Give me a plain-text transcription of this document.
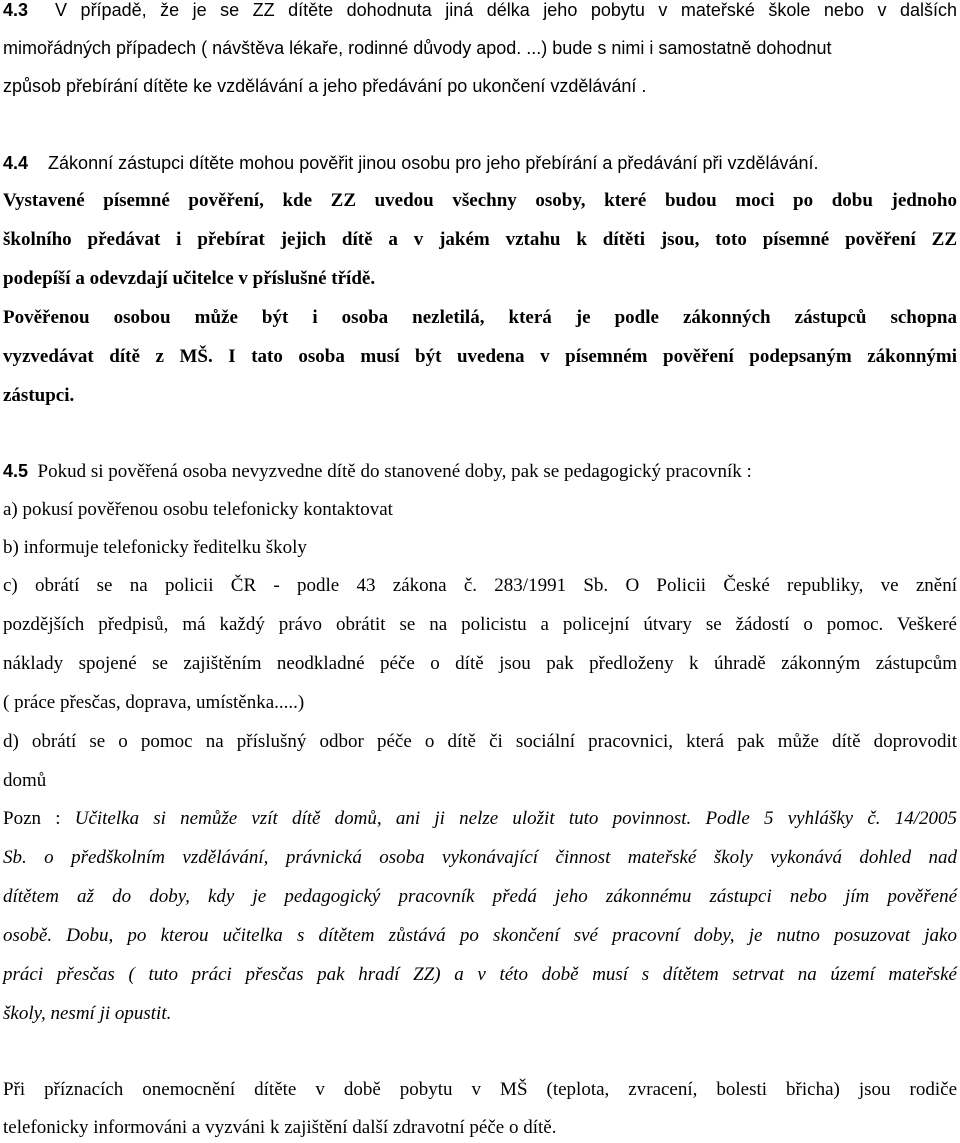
4.3 V případě, že je se ZZ dítěte dohodnuta jiná délka jeho pobytu v mateřské škole nebo v dalších
mimořádných případech ( návštěva lékaře, rodinné důvody apod. ...) bude s nimi i samostatně dohodnut
způsob přebírání dítěte ke vzdělávání a jeho předávání po ukončení vzdělávání .
4.4 Zákonní zástupci dítěte mohou pověřit jinou osobu pro jeho přebírání a předávání při vzdělávání.
Vystavené písemné pověření, kde ZZ uvedou všechny osoby, které budou moci po dobu jednoho
školního předávat i přebírat jejich dítě a v jakém vztahu k dítěti jsou, toto písemné pověření ZZ
podepíší a odevzdají učitelce v příslušné třídě.
Pověřenou osobou může být i osoba nezletilá, která je podle zákonných zástupců schopna
vyzvedávat dítě z MŠ. I tato osoba musí být uvedena v písemném pověření podepsaným zákonnými
zástupci.
4.5 Pokud si pověřená osoba nevyzvedne dítě do stanovené doby, pak se pedagogický pracovník :
a) pokusí pověřenou osobu telefonicky kontaktovat
b) informuje telefonicky ředitelku školy
c) obrátí se na policii ČR - podle 43 zákona č. 283/1991 Sb. O Policii České republiky, ve znění
pozdějších předpisů, má každý právo obrátit se na policistu a policejní útvary se žádostí o pomoc. Veškeré
náklady spojené se zajištěním neodkladné péče o dítě jsou pak předloženy k úhradě zákonným zástupcům
( práce přesčas, doprava, umístěnka.....)
d) obrátí se o pomoc na příslušný odbor péče o dítě či sociální pracovnici, která pak může dítě doprovodit
domů
Pozn : Učitelka si nemůže vzít dítě domů, ani ji nelze uložit tuto povinnost. Podle 5 vyhlášky č. 14/2005
Sb. o předškolním vzdělávání, právnická osoba vykonávající činnost mateřské školy vykonává dohled nad
dítětem až do doby, kdy je pedagogický pracovník předá jeho zákonnému zástupci nebo jím pověřené
osobě. Dobu, po kterou učitelka s dítětem zůstává po skončení své pracovní doby, je nutno posuzovat jako
práci přesčas ( tuto práci přesčas pak hradí ZZ) a v této době musí s dítětem setrvat na území mateřské
školy, nesmí ji opustit.
Při příznacích onemocnění dítěte v době pobytu v MŠ (teplota, zvracení, bolesti břicha) jsou rodiče
telefonicky informováni a vyzváni k zajištění další zdravotní péče o dítě.
